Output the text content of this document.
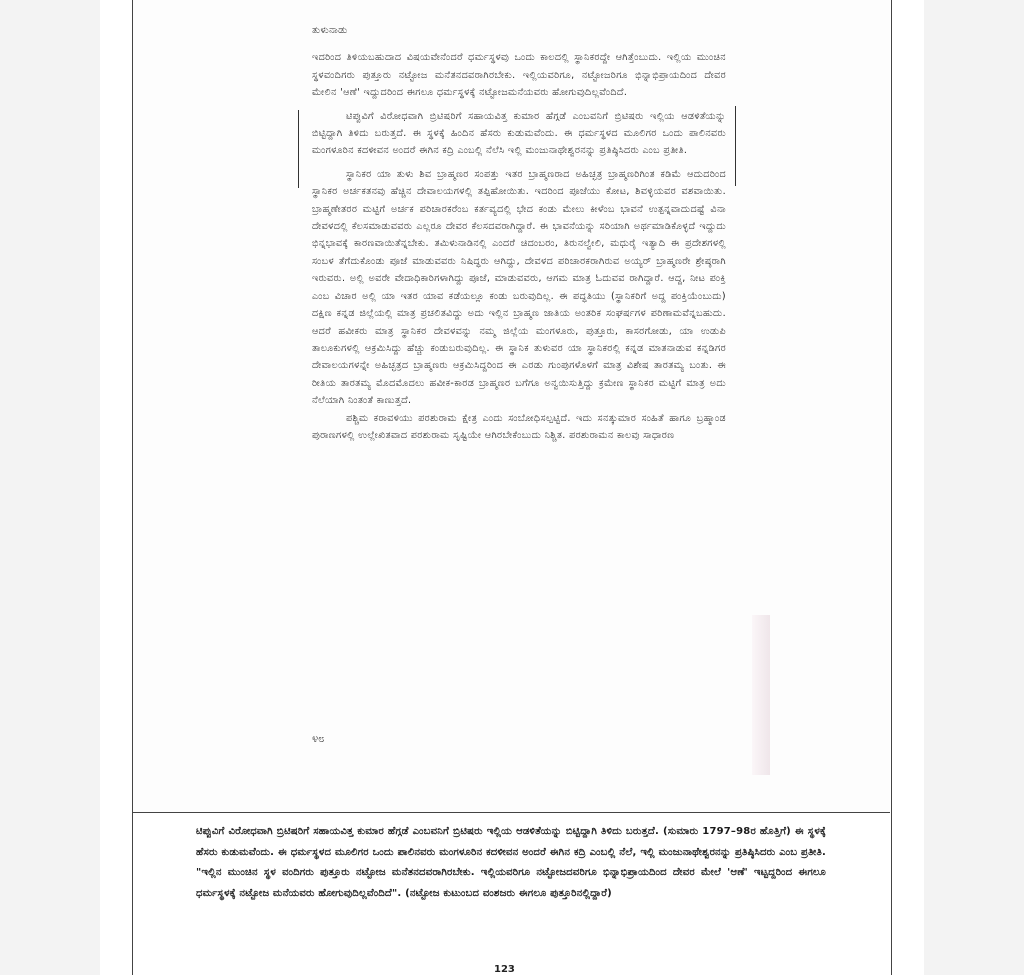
ತುಳುನಾಡು

ಇದರಿಂದ ತಿಳಿಯಬಹುದಾದ ವಿಷಯವೇನೆಂದರೆ ಧರ್ಮಸ್ಥಳವು ಒಂದು ಕಾಲದಲ್ಲಿ ಸ್ಥಾನಿಕರದ್ದೇ ಆಗಿತ್ತೆಂಬುದು. ಇಲ್ಲಿಯ ಮುಂಚಿನ ಸ್ಥಳವಂದಿಗರು ಪುತ್ತೂರು ನಟ್ಟೋಜ ಮನೆತನದವರಾಗಿರಬೇಕು. ಇಲ್ಲಿಯವರಿಗೂ, ನಟ್ಟೋಜರಿಗೂ ಭಿನ್ನಾಭಿಪ್ರಾಯದಿಂದ ದೇವರ ಮೇಲಿನ 'ಆಣೆ' ಇದ್ದುದರಿಂದ ಈಗಲೂ ಧರ್ಮಸ್ಥಳಕ್ಕೆ ನಟ್ಟೋಜಮನೆಯವರು ಹೋಗುವುದಿಲ್ಲವೆಂದಿದೆ.

ಟಿಪ್ಪುವಿಗೆ ವಿರೋಧವಾಗಿ ಬ್ರಿಟಿಷರಿಗೆ ಸಹಾಯವಿತ್ತ ಕುಮಾರ ಹೆಗ್ಗಡೆ ಎಂಬವನಿಗೆ ಬ್ರಿಟಿಷರು ಇಲ್ಲಿಯ ಆಡಳಿತೆಯನ್ನು ಬಿಟ್ಟಿದ್ದಾಗಿ ತಿಳಿದು ಬರುತ್ತದೆ. ಈ ಸ್ಥಳಕ್ಕೆ ಹಿಂದಿನ ಹೆಸರು ಕುಡುಮವೆಂದು. ಈ ಧರ್ಮಸ್ಥಳದ ಮೂಲಿಗರ ಒಂದು ಪಾಲಿನವರು ಮಂಗಳೂರಿನ ಕದಳೀವನ ಅಂದರೆ ಈಗಿನ ಕದ್ರಿ ಎಂಬಲ್ಲಿ ನೆಲೆಸಿ ಇಲ್ಲಿ ಮಂಜುನಾಥೇಶ್ವರನನ್ನು ಪ್ರತಿಷ್ಠಿಸಿದರು ಎಂಬ ಪ್ರತೀತಿ.

ಸ್ಥಾನಿಕರ ಯಾ ತುಳು ಶಿವ ಬ್ರಾಹ್ಮಣರ ಸಂಪತ್ತು ಇತರ ಬ್ರಾಹ್ಮಣರಾದ ಅಹಿಚ್ಛತ್ರ ಬ್ರಾಹ್ಮಣರಿಗಿಂತ ಕಡಿಮೆ ಆದುದರಿಂದ ಸ್ಥಾನಿಕರ ಅರ್ಚಕತನವು ಹೆಚ್ಚಿನ ದೇವಾಲಯಗಳಲ್ಲಿ ತಪ್ಪಿಹೋಯಿತು. ಇದರಿಂದ ಪೂಜೆಯು ಕೋಟ, ಶಿವಳ್ಳಿಯವರ ವಶವಾಯಿತು. ಬ್ರಾಹ್ಮಣೇತರರ ಮಟ್ಟಿಗೆ ಅರ್ಚಕ ಪರಿಚಾರಕರೆಂಬ ಕರ್ತವ್ಯದಲ್ಲಿ ಭೇದ ಕಂಡು ಮೇಲು ಕೀಳೆಂಬ ಭಾವನೆ ಉತ್ಪನ್ನವಾದುದಷ್ಟೆ ವಿನಾ ದೇವಳದಲ್ಲಿ ಕೆಲಸಮಾಡುವವರು ಎಲ್ಲರೂ ದೇವರ ಕೆಲಸದವರಾಗಿದ್ದಾರೆ. ಈ ಭಾವನೆಯನ್ನು ಸರಿಯಾಗಿ ಅರ್ಥಮಾಡಿಕೊಳ್ಳದೆ ಇದ್ದುದು ಭಿನ್ನಭಾವಕ್ಕೆ ಕಾರಣವಾಯಿತೆನ್ನಬೇಕು. ತಮಿಳುನಾಡಿನಲ್ಲಿ ಎಂದರೆ ಚಿದಂಬರಂ, ತಿರುನಲ್ವೇಲಿ, ಮಧುರೈ ಇತ್ಯಾದಿ ಈ ಪ್ರದೇಶಗಳಲ್ಲಿ ಸಂಬಳ ತೆಗೆದುಕೊಂಡು ಪೂಜೆ ಮಾಡುವವರು ನಿಷಿದ್ಧರು ಆಗಿದ್ದು, ದೇವಳದ ಪರಿಚಾರಕರಾಗಿರುವ ಅಯ್ಯರ್ ಬ್ರಾಹ್ಮಣರೇ ಶ್ರೇಷ್ಠರಾಗಿ ಇರುವರು. ಅಲ್ಲಿ ಅವರೇ ವೇದಾಧಿಕಾರಿಗಳಾಗಿದ್ದು ಪೂಜೆ, ಮಾಡುವವರು, ಆಗಮ ಮಾತ್ರ ಓದುವವ ರಾಗಿದ್ದಾರೆ. ಆದ್ದ, ನೀಟ ಪಂಕ್ತಿ ಎಂಬ ವಿಚಾರ ಅಲ್ಲಿ ಯಾ ಇತರ ಯಾವ ಕಡೆಯಲ್ಲೂ ಕಂಡು ಬರುವುದಿಲ್ಲ. ಈ ಪದ್ಧತಿಯು (ಸ್ಥಾನಿಕರಿಗೆ ಅದ್ದ ಪಂಕ್ತಿಯೆಂಬುದು) ದಕ್ಷಿಣ ಕನ್ನಡ ಜಿಲ್ಲೆಯಲ್ಲಿ ಮಾತ್ರ ಪ್ರಚಲಿತವಿದ್ದು ಅದು ಇಲ್ಲಿನ ಬ್ರಾಹ್ಮಣ ಜಾತಿಯ ಅಂತರಿಕ ಸಂಘರ್ಷಗಳ ಪರಿಣಾಮವೆನ್ನಬಹುದು. ಆದರೆ ಹವೀಕರು ಮಾತ್ರ ಸ್ಥಾನಿಕರ ದೇವಳವನ್ನು ನಮ್ಮ ಜಿಲ್ಲೆಯ ಮಂಗಳೂರು, ಪುತ್ತೂರು, ಕಾಸರಗೋಡು, ಯಾ ಉಡುಪಿ ತಾಲೂಕುಗಳಲ್ಲಿ ಆಕ್ರಮಿಸಿದ್ದು ಹೆಚ್ಚು ಕಂಡುಬರುವುದಿಲ್ಲ. ಈ ಸ್ಥಾನಿಕ ತುಳುವರ ಯಾ ಸ್ಥಾನಿಕರಲ್ಲಿ ಕನ್ನಡ ಮಾತನಾಡುವ ಕನ್ನಡಿಗರ ದೇವಾಲಯಗಳನ್ನೇ ಅಹಿಚ್ಛತ್ರದ ಬ್ರಾಹ್ಮಣರು ಆಕ್ರಮಿಸಿದ್ದರಿಂದ ಈ ಎರಡು ಗುಂಪುಗಳೊಳಗೆ ಮಾತ್ರ ವಿಶೇಷ ತಾರತಮ್ಯ ಬಂತು. ಈ ರೀತಿಯ ತಾರತಮ್ಯ ಮೊದಮೊದಲು ಹವೀಕ-ಕಾರಡ ಬ್ರಾಹ್ಮಣರ ಬಗೆಗೂ ಅನ್ವಯಿಸುತ್ತಿದ್ದು ಕ್ರಮೇಣ ಸ್ಥಾನಿಕರ ಮಟ್ಟಿಗೆ ಮಾತ್ರ ಅದು ನೆಲೆಯಾಗಿ ನಿಂತಂತೆ ಕಾಣುತ್ತದೆ.

ಪಶ್ಚಿಮ ಕರಾವಳಿಯು ಪರಶುರಾಮ ಕ್ಷೇತ್ರ ಎಂದು ಸಂಬೋಧಿಸಲ್ಪಟ್ಟಿದೆ. ಇದು ಸನತ್ಕುಮಾರ ಸಂಹಿತೆ ಹಾಗೂ ಬ್ರಹ್ಮಾಂಡ ಪುರಾಣಗಳಲ್ಲಿ ಉಲ್ಲೇಖಿತವಾದ ಪರಶುರಾಮ ಸೃಷ್ಟಿಯೇ ಆಗಿರಬೇಕೆಂಬುದು ನಿಶ್ಚಿತ. ಪರಶುರಾಮನ ಕಾಲವು ಸಾಧಾರಣ

೪೮
ಟಿಪ್ಪುವಿಗೆ ವಿರೋಧವಾಗಿ ಬ್ರಿಟಿಷರಿಗೆ ಸಹಾಯವಿತ್ತ ಕುಮಾರ ಹೆಗ್ಗಡೆ ಎಂಬವನಿಗೆ ಬ್ರಿಟಿಷರು ಇಲ್ಲಿಯ ಆಡಳಿತೆಯನ್ನು ಬಿಟ್ಟಿದ್ದಾಗಿ ತಿಳಿದು ಬರುತ್ತದೆ. (ಸುಮಾರು 1797–98ರ ಹೊತ್ತಿಗೆ) ಈ ಸ್ಥಳಕ್ಕೆ ಹೆಸರು ಕುಡುಮವೆಂದು. ಈ ಧರ್ಮಸ್ಥಳದ ಮೂಲಿಗರ ಒಂದು ಪಾಲಿನವರು ಮಂಗಳೂರಿನ ಕದಳೀವನ ಅಂದರೆ ಈಗಿನ ಕದ್ರಿ ಎಂಬಲ್ಲಿ ನೆಲೆ, ಇಲ್ಲಿ ಮಂಜುನಾಥೇಶ್ವರನನ್ನು ಪ್ರತಿಷ್ಠಿಸಿದರು ಎಂಬ ಪ್ರತೀತಿ. "ಇಲ್ಲಿನ ಮುಂಚಿನ ಸ್ಥಳ ವಂದಿಗರು ಪುತ್ತೂರು ನಟ್ಟೋಜ ಮನೆತನದವರಾಗಿರಬೇಕು. ಇಲ್ಲಿಯವರಿಗೂ ನಟ್ಟೋಜದವರಿಗೂ ಭಿನ್ನಾಭಿಪ್ರಾಯದಿಂದ ದೇವರ ಮೇಲೆ 'ಆಣೆ' ಇಟ್ಟದ್ದರಿಂದ ಈಗಲೂ ಧರ್ಮಸ್ಥಳಕ್ಕೆ ನಟ್ಟೋಜ ಮನೆಯವರು ಹೋಗುವುದಿಲ್ಲವೆಂದಿದೆ". (ನಟ್ಟೋಜ ಕುಟುಂಬದ ವಂಶಜರು ಈಗಲೂ ಪುತ್ತೂರಿನಲ್ಲಿದ್ದಾರೆ)
123
